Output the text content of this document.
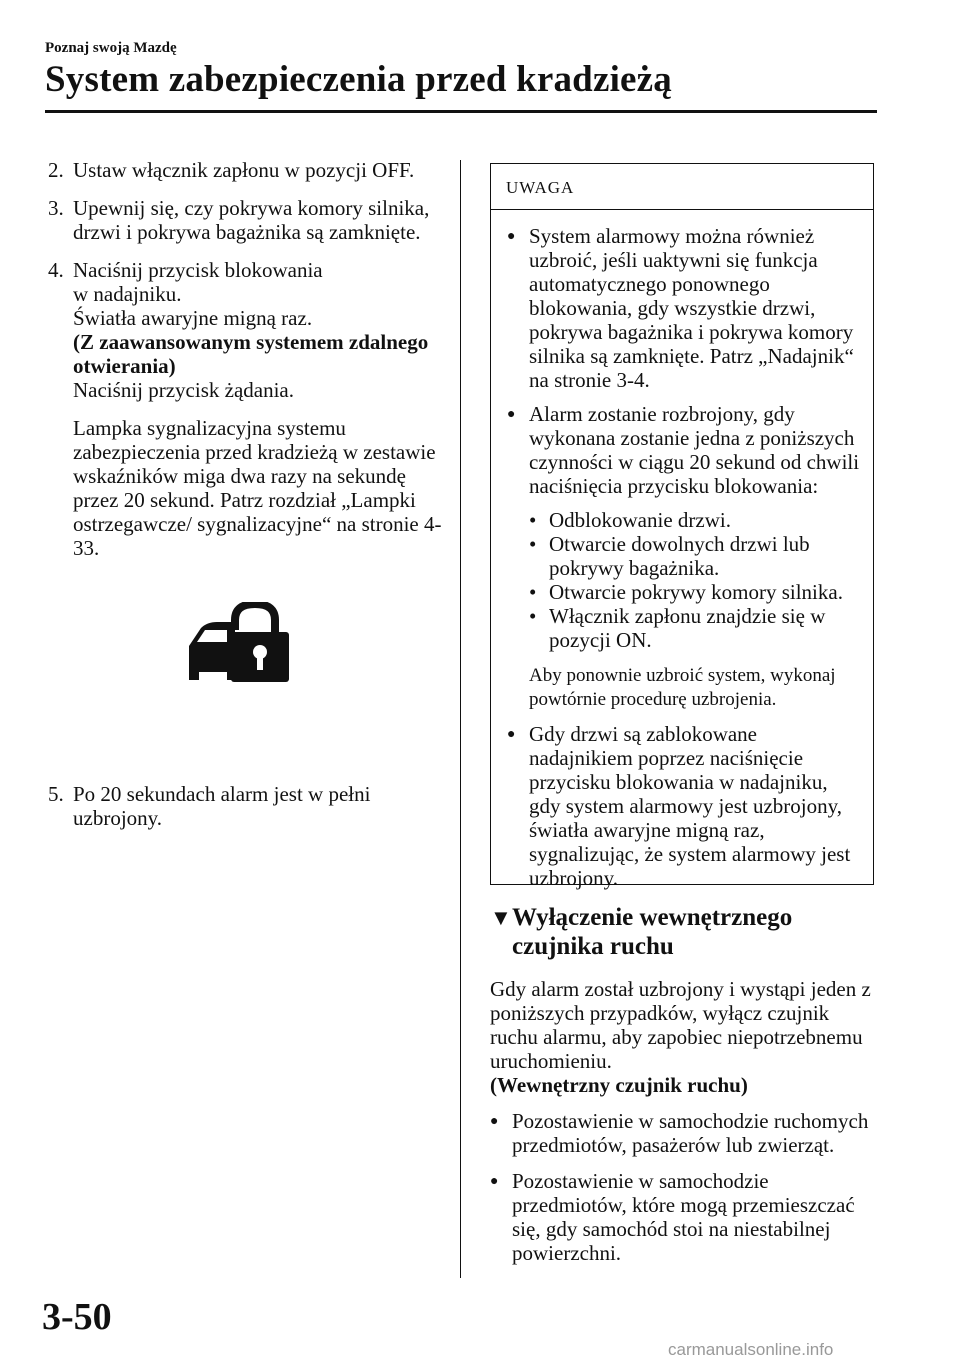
Poznaj swoją Mazdę
System zabezpieczenia przed kradzieżą
2. Ustaw włącznik zapłonu w pozycji OFF.

3. Upewnij się, czy pokrywa komory silnika, drzwi i pokrywa bagażnika są zamknięte.

4. Naciśnij przycisk blokowania

w nadajniku.

Światła awaryjne migną raz.

(Z zaawansowanym systemem zdalnego otwierania)

Naciśnij przycisk żądania.

Lampka sygnalizacyjna systemu zabezpieczenia przed kradzieżą w zestawie wskaźników miga dwa razy na sekundę przez 20 sekund. Patrz rozdział „Lampki ostrzegawcze/ sygnalizacyjne“ na stronie 4-33.

5. Po 20 sekundach alarm jest w pełni uzbrojony.

UWAGA
● System alarmowy można również uzbroić, jeśli uaktywni się funkcja automatycznego ponownego blokowania, gdy wszystkie drzwi, pokrywa bagażnika i pokrywa komory silnika są zamknięte. Patrz „Nadajnik“ na stronie 3-4.

● Alarm zostanie rozbrojony, gdy wykonana zostanie jedna z poniższych czynności w ciągu 20 sekund od chwili naciśnięcia przycisku blokowania:

• Odblokowanie drzwi.
• Otwarcie dowolnych drzwi lub pokrywy bagażnika.
• Otwarcie pokrywy komory silnika.
• Włącznik zapłonu znajdzie się w pozycji ON.

Aby ponownie uzbroić system, wykonaj powtórnie procedurę uzbrojenia.

● Gdy drzwi są zablokowane nadajnikiem poprzez naciśnięcie przycisku blokowania w nadajniku, gdy system alarmowy jest uzbrojony, światła awaryjne migną raz, sygnalizując, że system alarmowy jest uzbrojony.

▼ Wyłączenie wewnętrznego czujnika ruchu

Gdy alarm został uzbrojony i wystąpi jeden z poniższych przypadków, wyłącz czujnik ruchu alarmu, aby zapobiec niepotrzebnemu uruchomieniu.

(Wewnętrzny czujnik ruchu)

● Pozostawienie w samochodzie ruchomych przedmiotów, pasażerów lub zwierząt.

● Pozostawienie w samochodzie przedmiotów, które mogą przemieszczać się, gdy samochód stoi na niestabilnej powierzchni.

3-50
carmanualsonline.info
